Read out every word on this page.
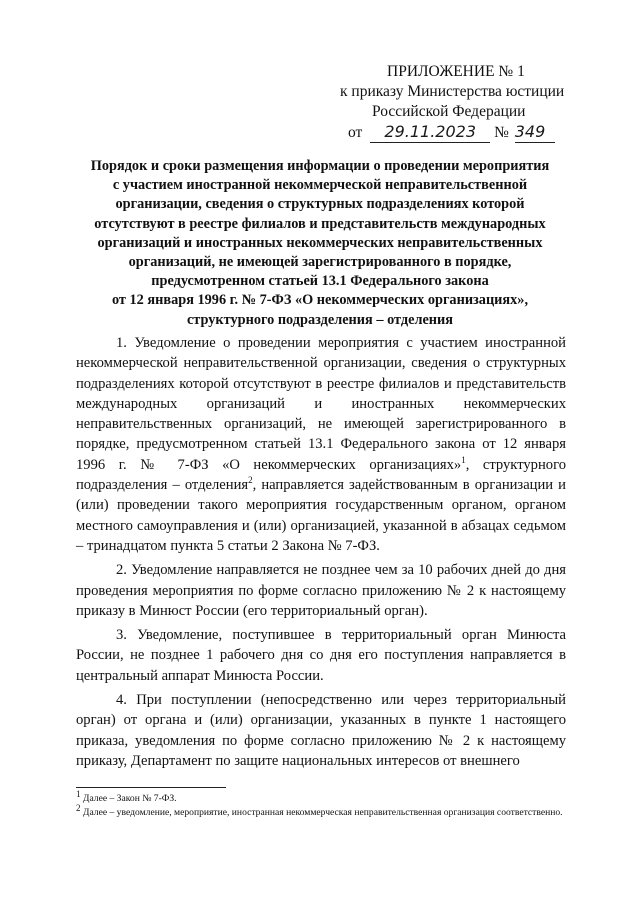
ПРИЛОЖЕНИЕ № 1
к приказу Министерства юстиции
Российской Федерации
от 29.11.2023 № 349
Порядок и сроки размещения информации о проведении мероприятия
с участием иностранной некоммерческой неправительственной
организации, сведения о структурных подразделениях которой
отсутствуют в реестре филиалов и представительств международных
организаций и иностранных некоммерческих неправительственных
организаций, не имеющей зарегистрированного в порядке,
предусмотренном статьей 13.1 Федерального закона
от 12 января 1996 г. № 7-ФЗ «О некоммерческих организациях»,
структурного подразделения – отделения

1. Уведомление о проведении мероприятия с участием иностранной некоммерческой неправительственной организации, сведения о структурных подразделениях которой отсутствуют в реестре филиалов и представительств международных организаций и иностранных некоммерческих неправительственных организаций, не имеющей зарегистрированного в порядке, предусмотренном статьей 13.1 Федерального закона от 12 января 1996 г. № 7-ФЗ «О некоммерческих организациях»$^1$, структурного подразделения – отделения$^2$, направляется задействованным в организации и (или) проведении такого мероприятия государственным органом, органом местного самоуправления и (или) организацией, указанной в абзацах седьмом – тринадцатом пункта 5 статьи 2 Закона № 7-ФЗ.

2. Уведомление направляется не позднее чем за 10 рабочих дней до дня проведения мероприятия по форме согласно приложению № 2 к настоящему приказу в Минюст России (его территориальный орган).

3. Уведомление, поступившее в территориальный орган Минюста России, не позднее 1 рабочего дня со дня его поступления направляется в центральный аппарат Минюста России.

4. При поступлении (непосредственно или через территориальный орган) от органа и (или) организации, указанных в пункте 1 настоящего приказа, уведомления по форме согласно приложению № 2 к настоящему приказу, Департамент по защите национальных интересов от внешнего

$^1$ Далее – Закон № 7-ФЗ.

$^2$ Далее – уведомление, мероприятие, иностранная некоммерческая неправительственная организация соответственно.
